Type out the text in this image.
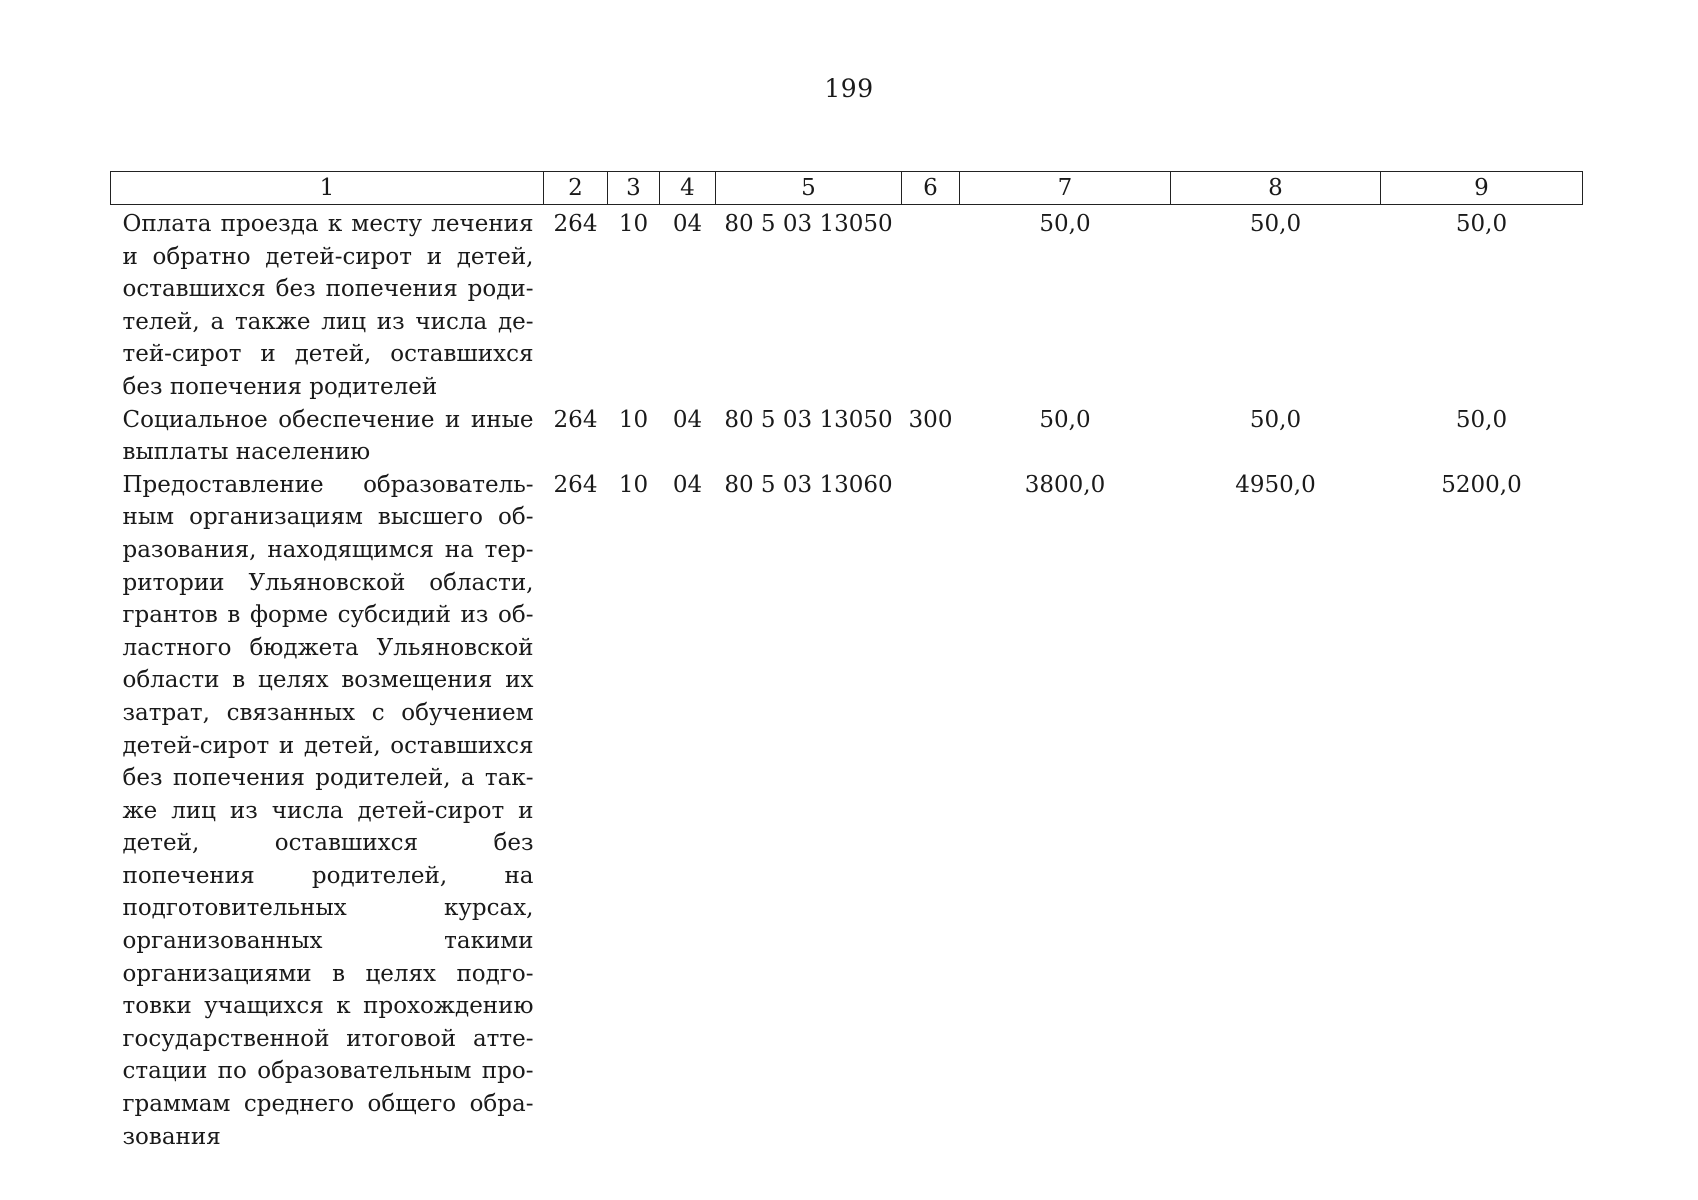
199
1	2	3	4	5	6	7	8	9
Оплата проезда к месту лечения и обратно детей-сирот и детей, оставшихся без попечения родителей, а также лиц из числа детей-сирот и детей, оставшихся без попечения родителей	264	10	04	80 5 03 13050		50,0	50,0	50,0
Социальное обеспечение и иные выплаты населению	264	10	04	80 5 03 13050	300	50,0	50,0	50,0
Предоставление образовательным организациям высшего образования, находящимся на территории Ульяновской области, грантов в форме субсидий из областного бюджета Ульяновской области в целях возмещения их затрат, связанных с обучением детей-сирот и детей, оставшихся без попечения родителей, а также лиц из числа детей-сирот и детей, оставшихся без попечения родителей, на подготовительных курсах, организованных такими организациями в целях подготовки учащихся к прохождению государственной итоговой аттестации по образовательным программам среднего общего образования	264	10	04	80 5 03 13060		3800,0	4950,0	5200,0
